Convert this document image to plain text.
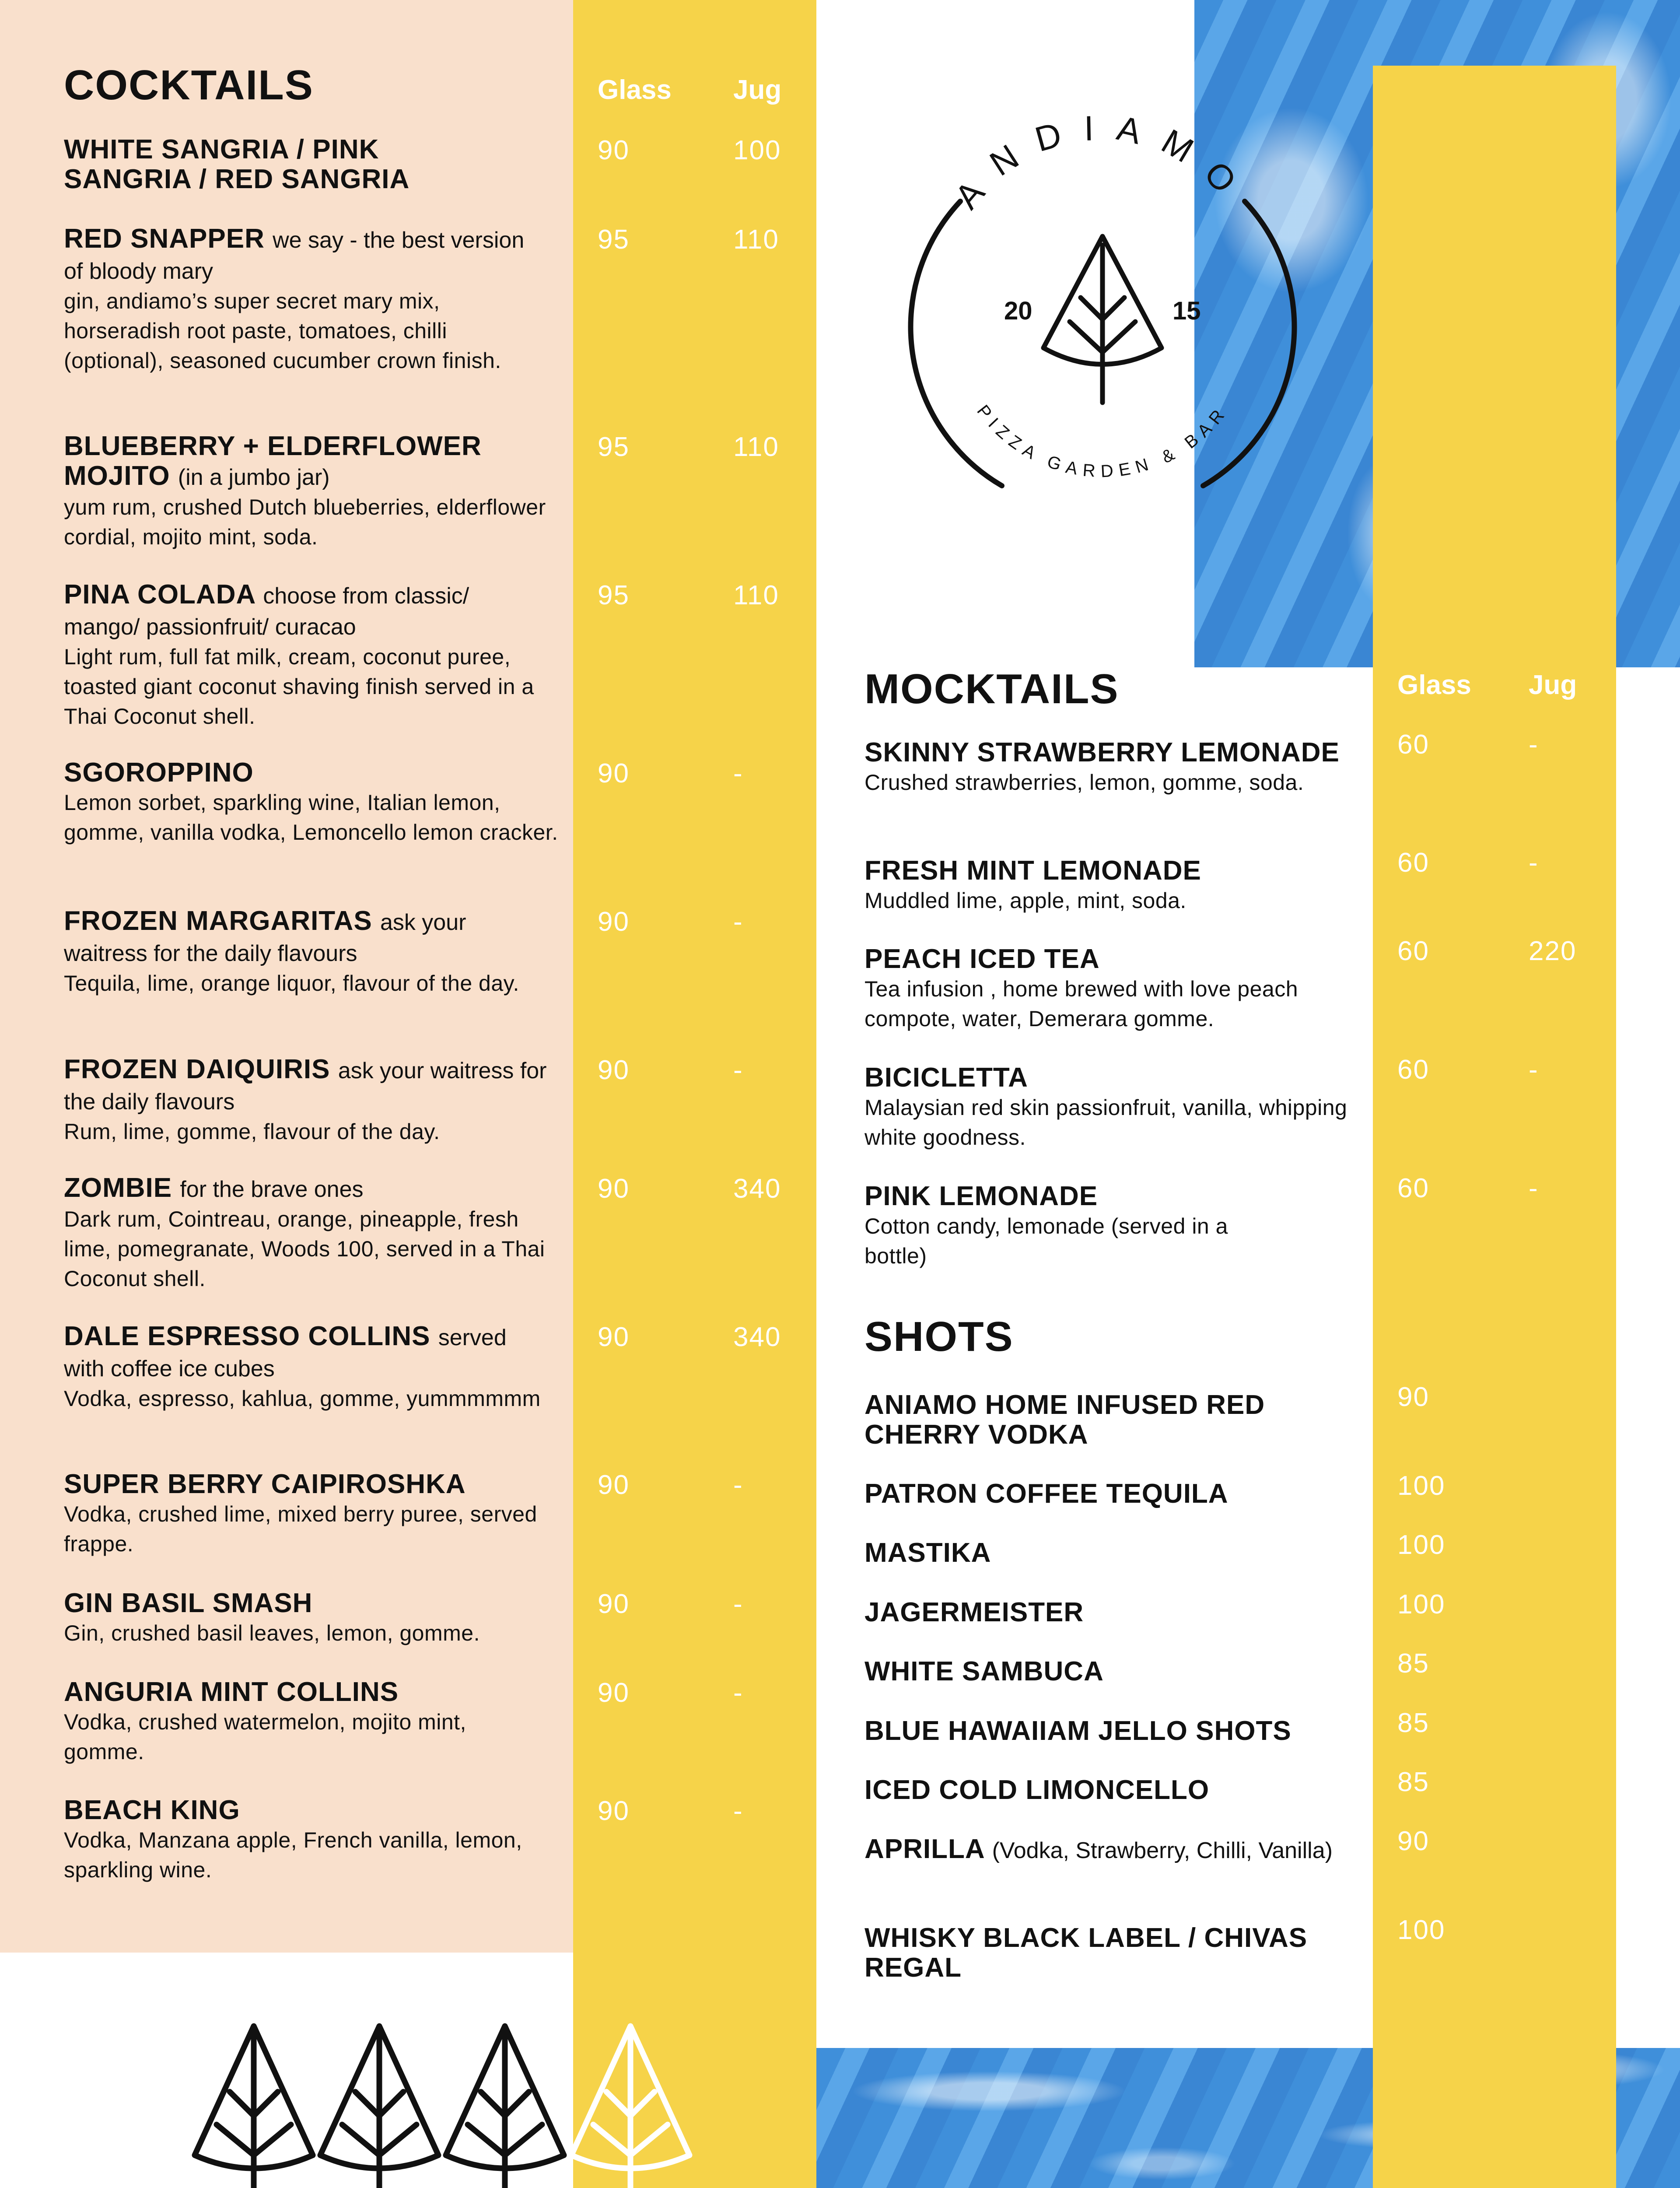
COCKTAILS	Glass Jug
WHITE SANGRIA / PINK SANGRIA / RED SANGRIA
90	100
RED SNAPPER we say - the best version of bloody mary
gin, andiamo’s super secret mary mix, horseradish root paste, tomatoes, chilli (optional), seasoned cucumber crown finish.
95	110
BLUEBERRY + ELDERFLOWER MOJITO (in a jumbo jar)
yum rum, crushed Dutch blueberries, elderflower cordial, mojito mint, soda.
95	110
PINA COLADA choose from classic/ mango/ passionfruit/ curacao
Light rum, full fat milk, cream, coconut puree, toasted giant coconut shaving finish served in a Thai Coconut shell.
95	110
SGOROPPINO
Lemon sorbet, sparkling wine, Italian lemon, gomme, vanilla vodka, Lemoncello lemon cracker.
90	-
FROZEN MARGARITAS ask your waitress for the daily flavours
Tequila, lime, orange liquor, flavour of the day.
90	-
FROZEN DAIQUIRIS ask your waitress for the daily flavours
Rum, lime, gomme, flavour of the day.
90	-
ZOMBIE for the brave ones
Dark rum, Cointreau, orange, pineapple, fresh lime, pomegranate, Woods 100, served in a Thai Coconut shell.
90	340
DALE ESPRESSO COLLINS served with coffee ice cubes
Vodka, espresso, kahlua, gomme, yummmmmm
90	340
SUPER BERRY CAIPIROSHKA
Vodka, crushed lime, mixed berry puree, served frappe.
90	-
GIN BASIL SMASH
Gin, crushed basil leaves, lemon, gomme.
90	-
ANGURIA MINT COLLINS
Vodka, crushed watermelon, mojito mint, gomme.
90	-
BEACH KING
Vodka, Manzana apple, French vanilla, lemon, sparkling wine.
90	-
ANDIAMO
PIZZA GARDEN & BAR
20	15
MOCKTAILS	Glass Jug
SKINNY STRAWBERRY LEMONADE
Crushed strawberries, lemon, gomme, soda.
60	-
FRESH MINT LEMONADE
Muddled lime, apple, mint, soda.
60	-
PEACH ICED TEA
Tea infusion , home brewed with love peach compote, water, Demerara gomme.
60	220
BICICLETTA
Malaysian red skin passionfruit, vanilla, whipping white goodness.
60	-
PINK LEMONADE
Cotton candy, lemonade (served in a bottle)
60	-
SHOTS
ANIAMO HOME INFUSED RED CHERRY VODKA
90
PATRON COFFEE TEQUILA	100
MASTIKA	100
JAGERMEISTER	100
WHITE SAMBUCA	85
BLUE HAWAIIAM JELLO SHOTS	85
ICED COLD LIMONCELLO	85
APRILLA (Vodka, Strawberry, Chilli, Vanilla)	90
WHISKY BLACK LABEL / CHIVAS REGAL
100
